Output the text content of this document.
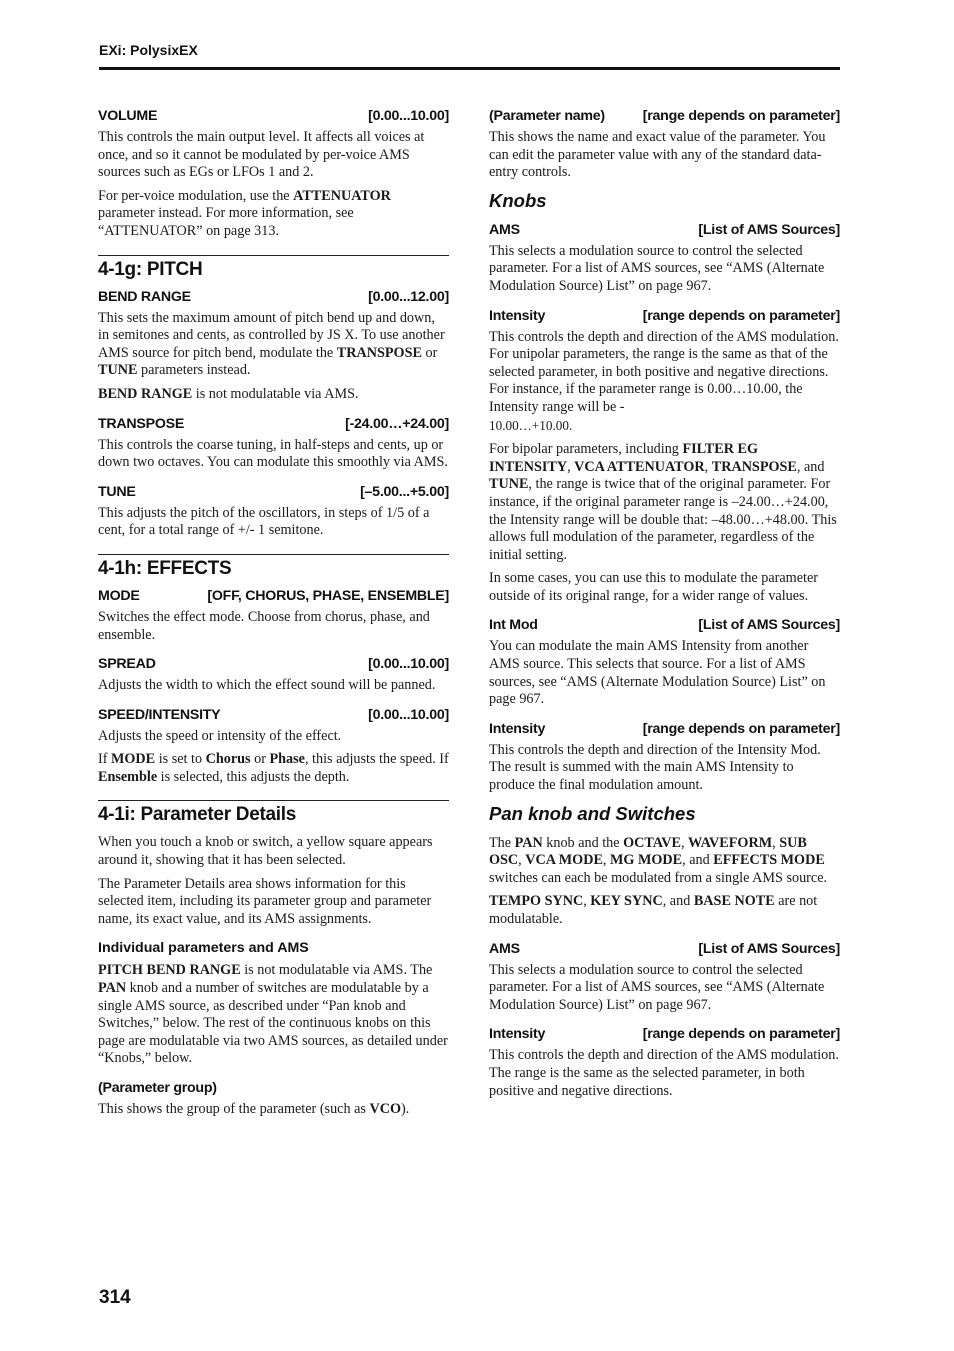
EXi: PolysixEX
VOLUME	[0.00...10.00]

This controls the main output level. It affects all voices at once, and so it cannot be modulated by per-voice AMS sources such as EGs or LFOs 1 and 2.

For per-voice modulation, use the ATTENUATOR parameter instead. For more information, see “ATTENUATOR” on page 313.

4-1g: PITCH
BEND RANGE	[0.00...12.00]

This sets the maximum amount of pitch bend up and down, in semitones and cents, as controlled by JS X. To use another AMS source for pitch bend, modulate the TRANSPOSE or TUNE parameters instead.

BEND RANGE is not modulatable via AMS.

TRANSPOSE	[-24.00…+24.00]

This controls the coarse tuning, in half-steps and cents, up or down two octaves. You can modulate this smoothly via AMS.

TUNE	[–5.00...+5.00]

This adjusts the pitch of the oscillators, in steps of 1/5 of a cent, for a total range of +/- 1 semitone.

4-1h: EFFECTS
MODE	[OFF, CHORUS, PHASE, ENSEMBLE]

Switches the effect mode. Choose from chorus, phase, and ensemble.

SPREAD	[0.00...10.00]

Adjusts the width to which the effect sound will be panned.

SPEED/INTENSITY	[0.00...10.00]

Adjusts the speed or intensity of the effect.

If MODE is set to Chorus or Phase, this adjusts the speed. If Ensemble is selected, this adjusts the depth.

4-1i: Parameter Details

When you touch a knob or switch, a yellow square appears around it, showing that it has been selected.

The Parameter Details area shows information for this selected item, including its parameter group and parameter name, its exact value, and its AMS assignments.

Individual parameters and AMS

PITCH BEND RANGE is not modulatable via AMS. The PAN knob and a number of switches are modulatable by a single AMS source, as described under “Pan knob and Switches,” below. The rest of the continuous knobs on this page are modulatable via two AMS sources, as detailed under “Knobs,” below.

(Parameter group)

This shows the group of the parameter (such as VCO).

(Parameter name)	[range depends on parameter]

This shows the name and exact value of the parameter. You can edit the parameter value with any of the standard data-entry controls.

Knobs
AMS	[List of AMS Sources]

This selects a modulation source to control the selected parameter. For a list of AMS sources, see “AMS (Alternate Modulation Source) List” on page 967.

Intensity	[range depends on parameter]

This controls the depth and direction of the AMS modulation. For unipolar parameters, the range is the same as that of the selected parameter, in both positive and negative directions. For instance, if the parameter range is 0.00…10.00, the Intensity range will be -
10.00…+10.00.

For bipolar parameters, including FILTER EG INTENSITY, VCA ATTENUATOR, TRANSPOSE, and TUNE, the range is twice that of the original parameter. For instance, if the original parameter range is –24.00…+24.00, the Intensity range will be double that: –48.00…+48.00. This allows full modulation of the parameter, regardless of the initial setting.

In some cases, you can use this to modulate the parameter outside of its original range, for a wider range of values.

Int Mod	[List of AMS Sources]

You can modulate the main AMS Intensity from another AMS source. This selects that source. For a list of AMS sources, see “AMS (Alternate Modulation Source) List” on page 967.

Intensity	[range depends on parameter]

This controls the depth and direction of the Intensity Mod. The result is summed with the main AMS Intensity to produce the final modulation amount.

Pan knob and Switches

The PAN knob and the OCTAVE, WAVEFORM, SUB OSC, VCA MODE, MG MODE, and EFFECTS MODE switches can each be modulated from a single AMS source.

TEMPO SYNC, KEY SYNC, and BASE NOTE are not modulatable.

AMS	[List of AMS Sources]

This selects a modulation source to control the selected parameter. For a list of AMS sources, see “AMS (Alternate Modulation Source) List” on page 967.

Intensity	[range depends on parameter]

This controls the depth and direction of the AMS modulation. The range is the same as the selected parameter, in both positive and negative directions.

314
